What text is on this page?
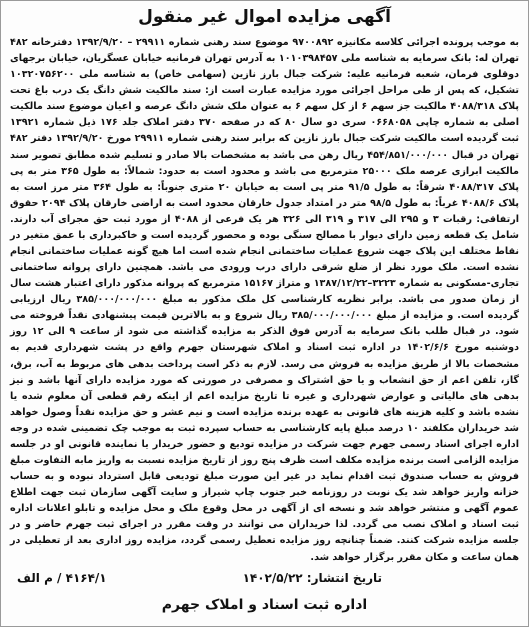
آگهی مزایده اموال غیر منقول

به موجب پرونده اجرائی کلاسه مکانیزه ۹۷۰۰۸۹۲ موضوع سند رهنی شماره ۲۹۹۱۱ – ۱۳۹۲/۹/۲۰ دفترخانه ۴۸۲ تهران له: بانک سرمایه به شناسه ملی ۱۰۱۰۳۹۸۴۵۷ به آدرس تهران فرمانیه خیابان عسگریان، خیابان برجهای دوقلوی فرمان، شعبه فرمانیه علیه: شرکت جبال بارز نازین (سهامی خاص) به شناسه ملی ۱۰۳۲۰۷۵۶۲۰۰ تشکیل، که پس از طی مراحل اجرائی مورد مزایده عبارت است از: سند مالکیت شش دانگ یک درب باغ تحت پلاک ۴۰۸۸/۳۱۸ مالکیت جز سهم ۶ از کل سهم ۶ به عنوان ملک شش دانگ عرصه و اعیان موضوع سند مالکیت اصلی به شماره چاپی ۰۶۶۸۰۵۸ سری دو سال ۸۰ که در صفحه ۳۷۰ دفتر املاک جلد ۱۷۶ ذیل شماره ۱۳۹۲۱ ثبت گردیده است مالکیت شرکت جبال بارز نازین که برابر سند رهنی شماره ۲۹۹۱۱ مورخ ۱۳۹۲/۹/۲۰ دفتر ۴۸۲ تهران در قبال ۴۵۴/۸۵۱/۰۰۰/۰۰۰ ریال رهن می باشد به مشخصات بالا صادر و تسلیم شده مطابق تصویر سند مالکیت ابرازی عرصه ملک ۲۵۰۰۰ مترمربع می باشد و محدود است به حدود: شمالاً: به طول ۳۶۵ متر به پی پلاک ۴۰۸۸/۳۱۷ شرقاً: به طول ۹۱/۵ متر پی است به خیابان ۲۰ متری جنوباً: به طول ۳۶۴ متر مرز است به پلاک ۴۰۸۸/۶ غرباً: به طول ۹۸/۵ متر در امتداد جدول خارقان محدود است به اراضی خارقان پلاک ۲۰۹۴ حقوق ارتفاقی: رقبات ۳ و ۲۹۵ الی ۳۱۷ و ۳۱۹ الی ۳۲۶ هر یک فرعی از ۴۰۸۸ از مورد ثبت حق مجرای آب دارند. شامل یک قطعه زمین دارای دیوار با مصالح سنگی بوده و محصور گردیده است و خاکبرداری با عمق متغیر در نقاط مختلف این پلاک جهت شروع عملیات ساختمانی انجام شده است اما هیچ گونه عملیات ساختمانی انجام نشده است. ملک مورد نظر از ضلع شرقی دارای درب ورودی می باشد. همچنین دارای پروانه ساختمانی تجاری-مسکونی به شماره ۳۲۲۳–۱۳۸۷/۱۲/۲۲ و متراژ ۱۵۱۶۷ مترمربع که پروانه مذکور دارای اعتبار هشت سال از زمان صدور می باشد. برابر نظریه کارشناسی کل ملک مذکور به مبلغ ۳۸۵/۰۰۰/۰۰۰/۰۰۰ ریال ارزیابی گردیده است. و مزایده از مبلغ ۳۸۵/۰۰۰/۰۰۰/۰۰۰ ریال شروع و به بالاترین قیمت پیشنهادی نقداً فروخته می شود. در قبال طلب بانک سرمایه به آدرس فوق الذکر به مزایده گذاشته می شود از ساعت ۹ الی ۱۲ روز دوشنبه مورخ ۱۴۰۲/۶/۶ در اداره ثبت اسناد و املاک شهرستان جهرم واقع در پشت شهرداری قدیم به مشخصات بالا از طریق مزایده به فروش می رسد. لازم به ذکر است پرداخت بدهی های مربوط به آب، برق، گاز، تلفن اعم از حق انشعاب و یا حق اشتراک و مصرفی در صورتی که مورد مزایده دارای آنها باشد و نیز بدهی های مالیاتی و عوارض شهرداری و غیره تا تاریخ مزایده اعم از اینکه رقم قطعی آن معلوم شده یا نشده باشد و کلیه هزینه های قانونی به عهده برنده مزایده است و نیم عشر و حق مزایده نقداً وصول خواهد شد خریداران مکلفند ۱۰ درصد مبلغ پایه کارشناسی به حساب سپرده ثبت به موجب چک تضمینی شده در وجه اداره اجرای اسناد رسمی جهرم جهت شرکت در مزایده تودیع و حضور خریدار یا نماینده قانونی او در جلسه مزایده الزامی است برنده مزایده مکلف است ظرف پنج روز از تاریخ مزایده نسبت به واریز مابه التفاوت مبلغ فروش به حساب صندوق ثبت اقدام نماید در غیر این صورت مبلغ تودیعی قابل استرداد نبوده و به حساب خزانه واریز خواهد شد یک نوبت در روزنامه خبر جنوب چاپ شیراز و سایت آگهی سازمان ثبت جهت اطلاع عموم آگهی و منتشر خواهد شد و نسخه ای از آگهی در محل وقوع ملک و محل مزایده و تابلو اعلانات اداره ثبت اسناد و املاک نصب می گردد. لذا خریداران می توانند در وقت مقرر در اجرای ثبت جهرم حاضر و در جلسه مزایده شرکت کنند. ضمناً چنانچه روز مزایده تعطیل رسمی گردد، مزایده روز اداری بعد از تعطیلی در همان ساعت و مکان مقرر برگزار خواهد شد.

تاریخ انتشار: ۱۴۰۲/۵/۲۲
۴۱۶۴/۱ / م الف
اداره ثبت اسناد و املاک جهرم
